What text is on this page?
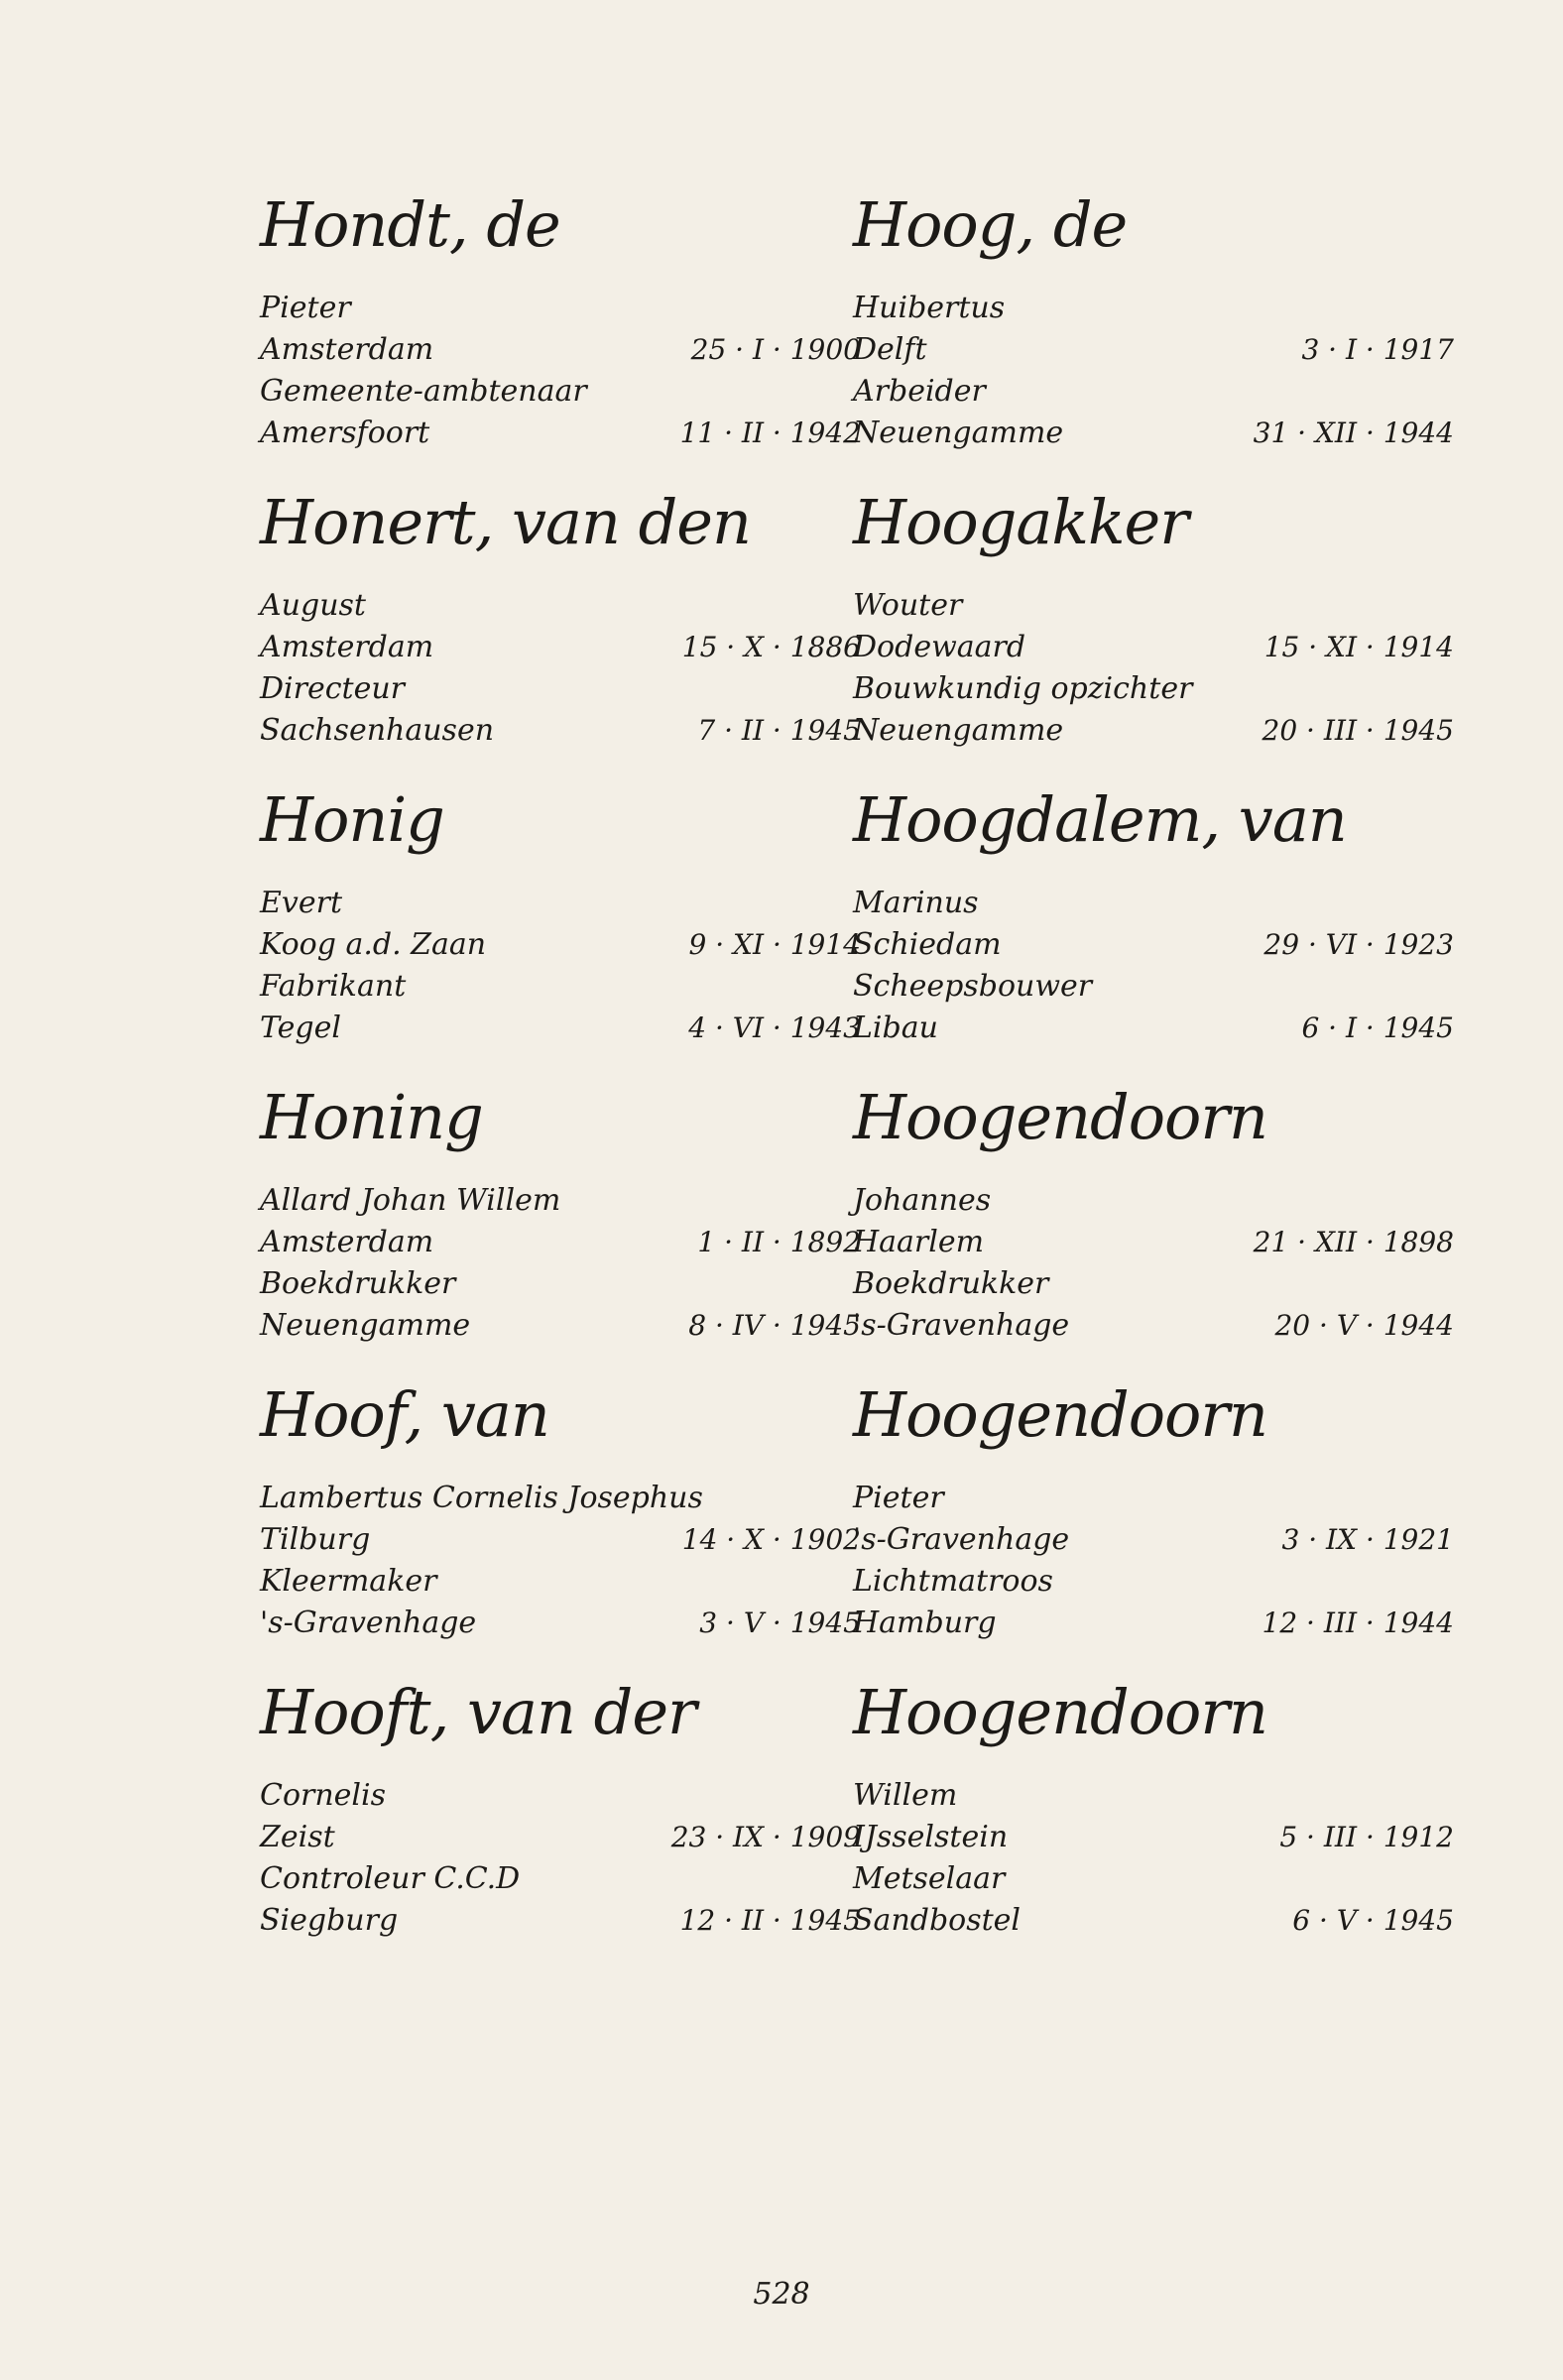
Hondt, de
Pieter
Amsterdam	25 · I · 1900
Gemeente-ambtenaar
Amersfoort	11 · II · 1942
Honert, van den
August
Amsterdam	15 · X · 1886
Directeur
Sachsenhausen	7 · II · 1945
Honig
Evert
Koog a.d. Zaan	9 · XI · 1914
Fabrikant
Tegel	4 · VI · 1943
Honing
Allard Johan Willem
Amsterdam	1 · II · 1892
Boekdrukker
Neuengamme	8 · IV · 1945
Hoof, van
Lambertus Cornelis Josephus
Tilburg	14 · X · 1902
Kleermaker
's-Gravenhage	3 · V · 1945
Hooft, van der
Cornelis
Zeist	23 · IX · 1909
Controleur C.C.D
Siegburg	12 · II · 1945
Hoog, de
Huibertus
Delft	3 · I · 1917
Arbeider
Neuengamme	31 · XII · 1944
Hoogakker
Wouter
Dodewaard	15 · XI · 1914
Bouwkundig opzichter
Neuengamme	20 · III · 1945
Hoogdalem, van
Marinus
Schiedam	29 · VI · 1923
Scheepsbouwer
Libau	6 · I · 1945
Hoogendoorn
Johannes
Haarlem	21 · XII · 1898
Boekdrukker
's-Gravenhage	20 · V · 1944
Hoogendoorn
Pieter
's-Gravenhage	3 · IX · 1921
Lichtmatroos
Hamburg	12 · III · 1944
Hoogendoorn
Willem
IJsselstein	5 · III · 1912
Metselaar
Sandbostel	6 · V · 1945
528
